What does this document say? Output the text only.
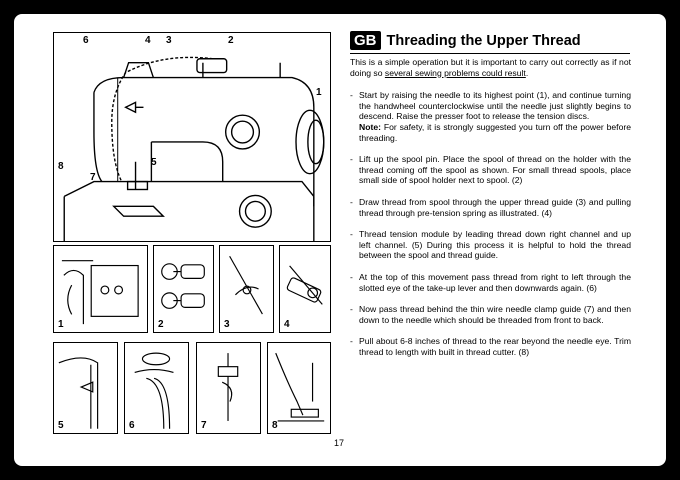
6	4 3	2
1
5
8
7
1	2	3	4
5	6	7	8
GB Threading the Upper Thread

This is a simple operation but it is important to carry out correctly as if not doing so several sewing problems could result.

- Start by raising the needle to its highest point (1), and continue turning the handwheel counterclockwise until the needle just slightly begins to descend. Raise the presser foot to release the tension discs.
Note: For safety, it is strongly suggested you turn off the power before threading.
- Lift up the spool pin. Place the spool of thread on the holder with the thread coming off the spool as shown. For small thread spools, place small side of spool holder next to spool. (2)
- Draw thread from spool through the upper thread guide (3) and pulling thread through pre-tension spring as illustrated. (4)
- Thread tension module by leading thread down right channel and up left channel. (5) During this process it is helpful to hold the thread between the spool and thread guide.
- At the top of this movement pass thread from right to left through the slotted eye of the take-up lever and then downwards again. (6)
- Now pass thread behind the thin wire needle clamp guide (7) and then down to the needle which should be threaded from front to back.
- Pull about 6-8 inches of thread to the rear beyond the needle eye. Trim thread to length with built in thread cutter. (8)
17
